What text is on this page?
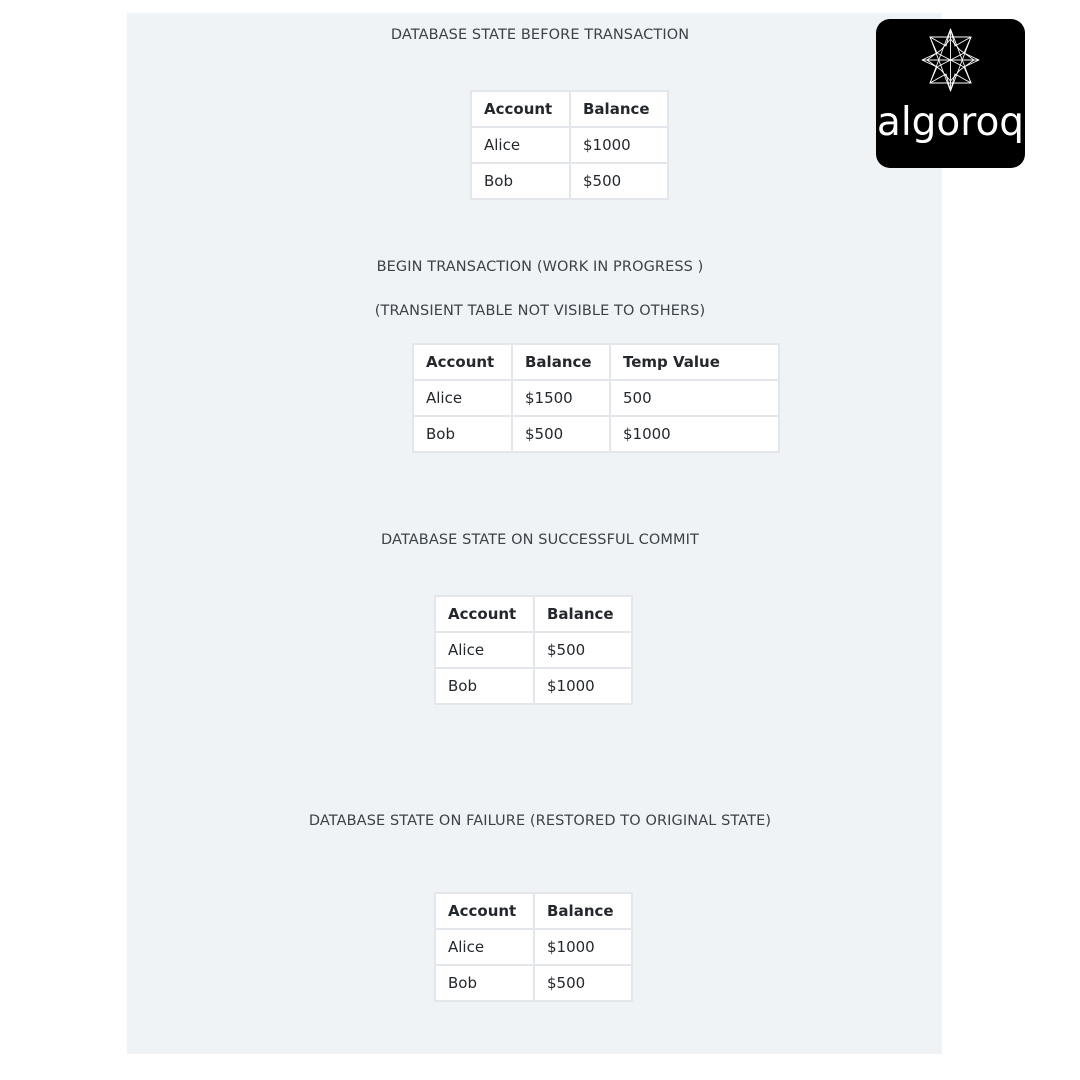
DATABASE STATE BEFORE TRANSACTION
Account	Balance
Alice	$1000
Bob	$500
BEGIN TRANSACTION (WORK IN PROGRESS )
(TRANSIENT TABLE NOT VISIBLE TO OTHERS)
Account	Balance	Temp Value
Alice	$1500	500
Bob	$500	$1000
DATABASE STATE ON SUCCESSFUL COMMIT
Account	Balance
Alice	$500
Bob	$1000
DATABASE STATE ON FAILURE (RESTORED TO ORIGINAL STATE)
Account	Balance
Alice	$1000
Bob	$500
algoroq
